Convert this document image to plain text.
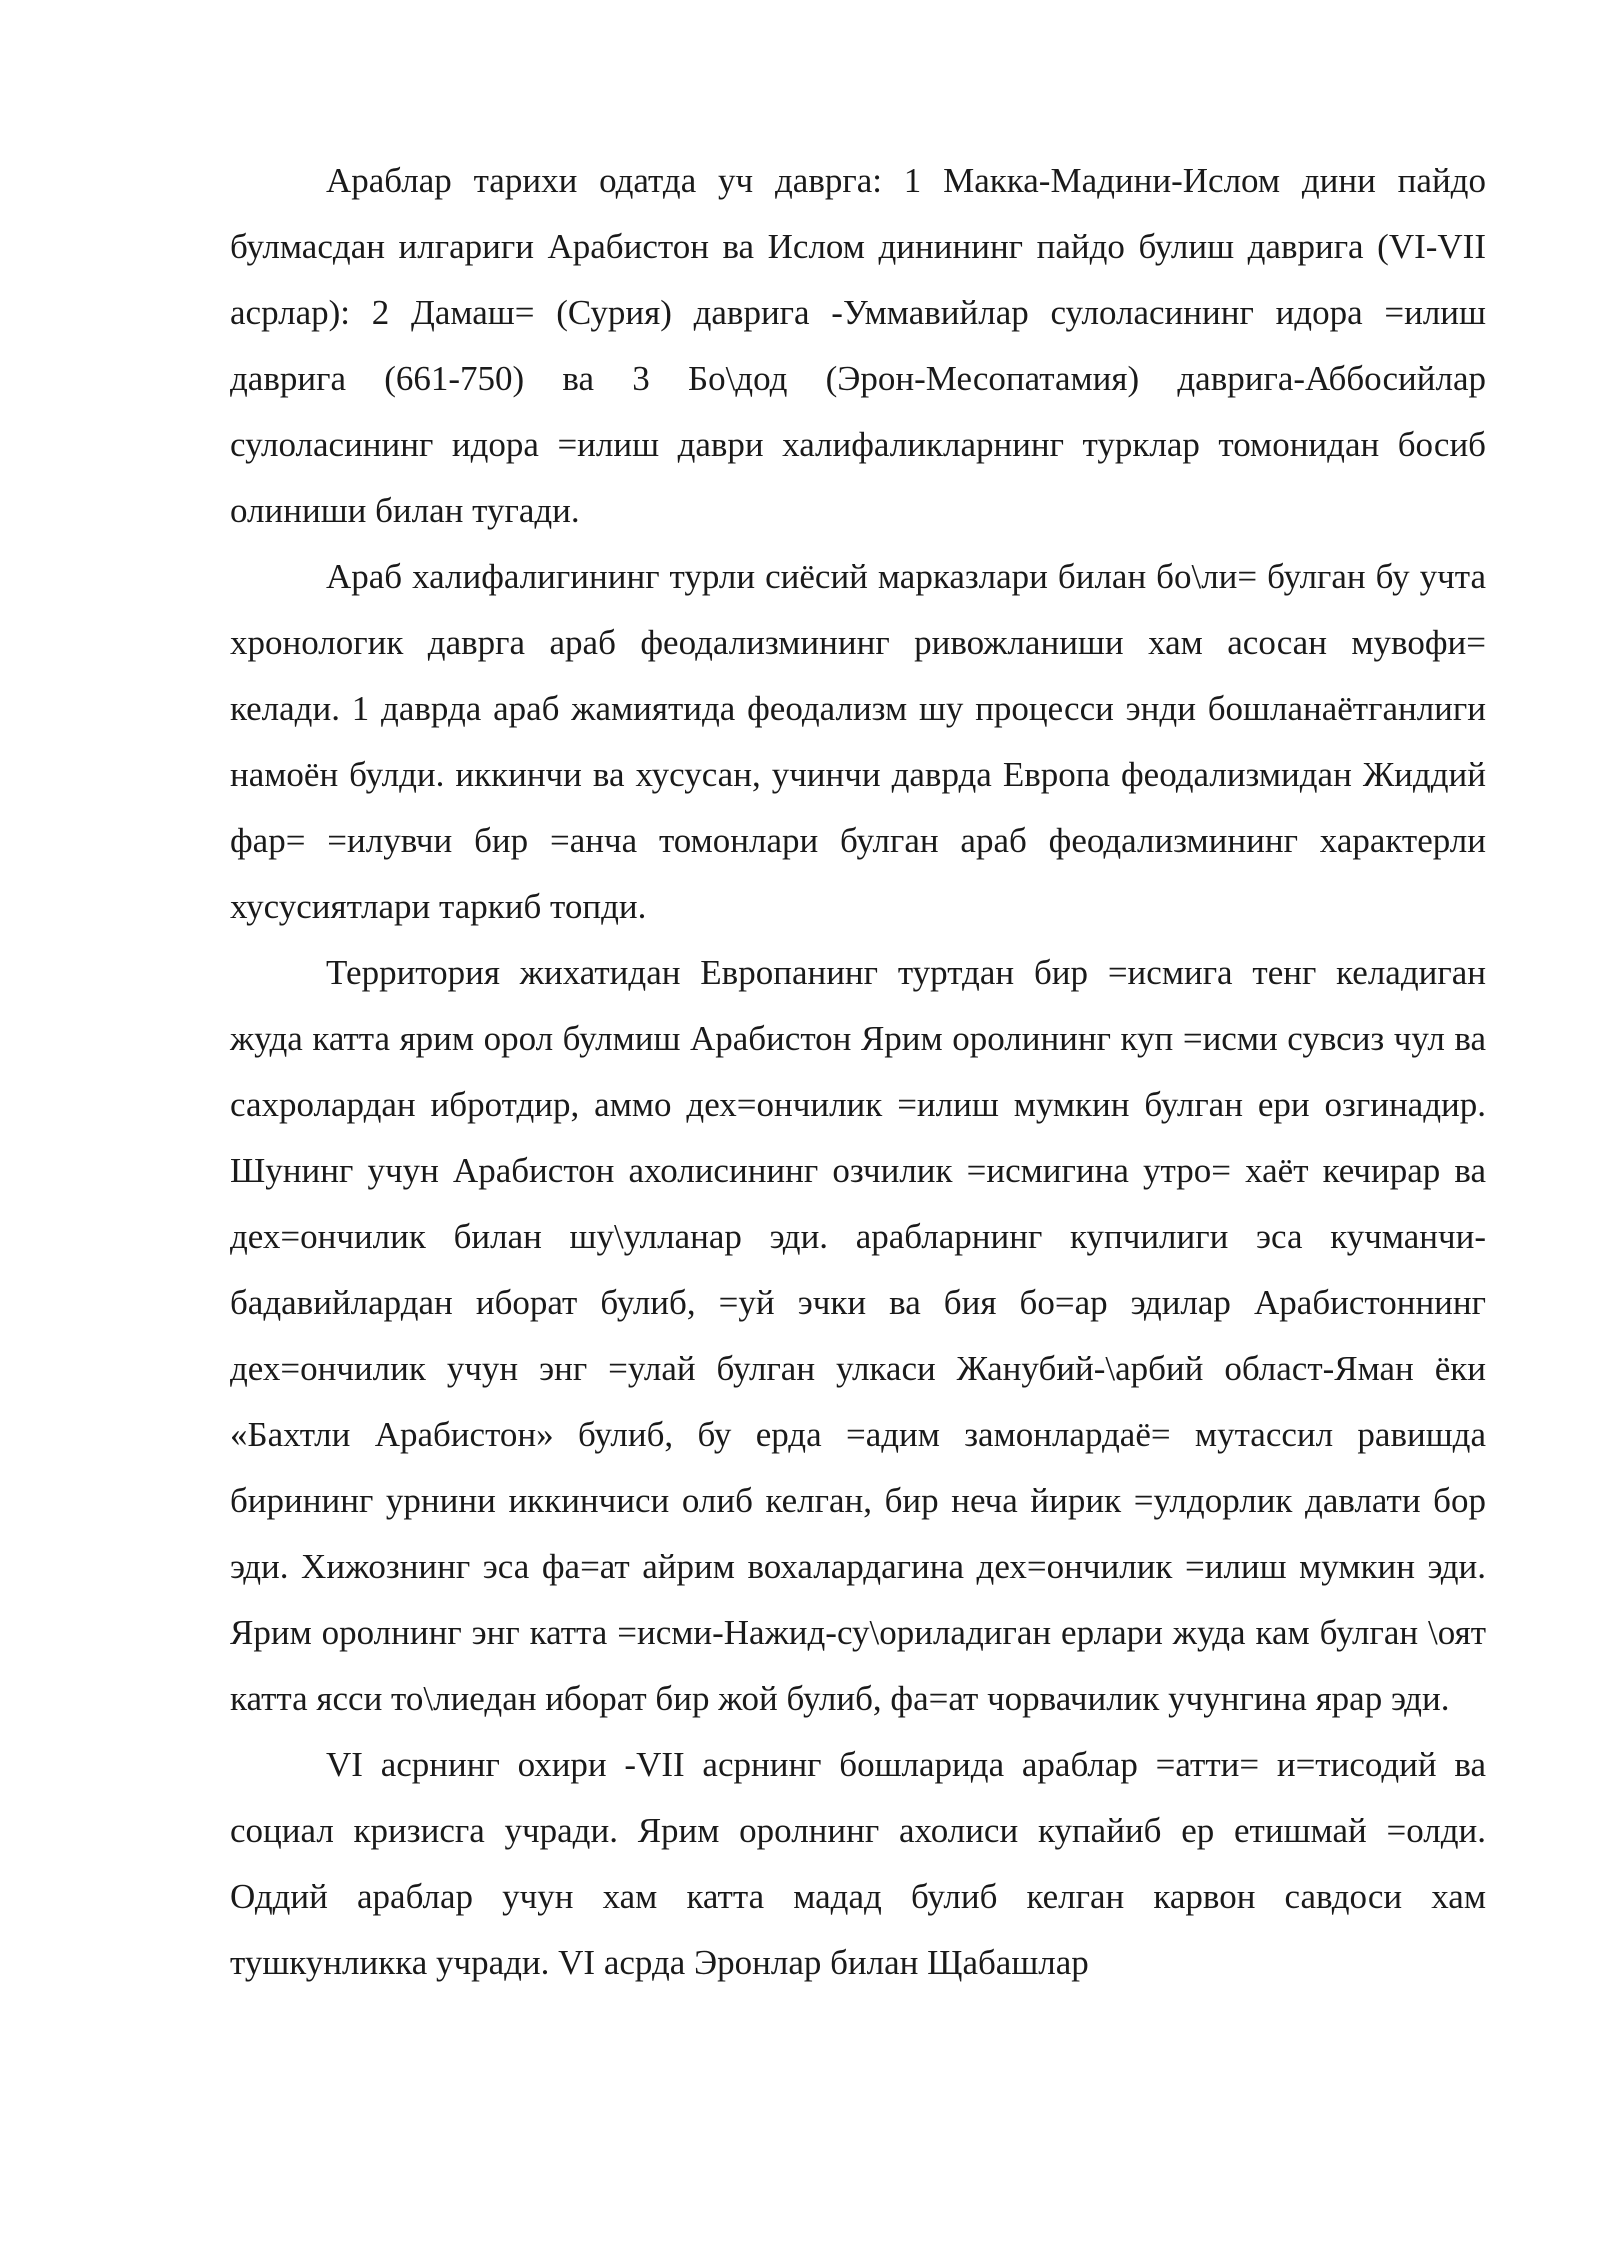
Араблар тарихи одатда уч даврга: 1 Макка-Мадини-Ислом дини пайдо булмасдан илгариги Арабистон ва Ислом динининг пайдо булиш даврига (VI-VII асрлар): 2 Дамаш= (Сурия) даврига -Уммавийлар сулоласининг идора =илиш даврига (661-750) ва 3 Бо\дод (Эрон-Месопатамия) даврига-Аббосийлар сулоласининг идора =илиш даври халифаликларнинг турклар томонидан босиб олиниши билан тугади.

Араб халифалигининг турли сиёсий марказлари билан бо\ли= булган бу учта хронологик даврга араб феодализмининг ривожланиши хам асосан мувофи= келади. 1 даврда араб жамиятида феодализм шу процесси энди бошланаётганлиги намоён булди. иккинчи ва хусусан, учинчи даврда Европа феодализмидан Жиддий фар= =илувчи бир =анча томонлари булган араб феодализмининг характерли хусусиятлари таркиб топди.

Территория жихатидан Европанинг туртдан бир =исмига тенг келадиган жуда катта ярим орол булмиш Арабистон Ярим оролининг куп =исми сувсиз чул ва сахролардан ибротдир, аммо дех=ончилик =илиш мумкин булган ери озгинадир. Шунинг учун Арабистон ахолисининг озчилик =исмигина утро= хаёт кечирар ва дех=ончилик билан шу\улланар эди. арабларнинг купчилиги эса кучманчи-бадавийлардан иборат булиб, =уй эчки ва бия бо=ар эдилар Арабистоннинг дех=ончилик учун энг =улай булган улкаси Жанубий-\арбий област-Яман ёки «Бахтли Арабистон» булиб, бу ерда =адим замонлардаё= мутассил равишда бирининг урнини иккинчиси олиб келган, бир неча йирик =улдорлик давлати бор эди. Хижознинг эса фа=ат айрим вохалардагина дех=ончилик =илиш мумкин эди. Ярим оролнинг энг катта =исми-Нажид-су\ориладиган ерлари жуда кам булган \оят катта ясси то\лиедан иборат бир жой булиб, фа=ат чорвачилик учунгина ярар эди.

VI асрнинг охири -VII асрнинг бошларида араблар =атти= и=тисодий ва социал кризисга учради. Ярим оролнинг ахолиси купайиб ер етишмай =олди. Оддий араблар учун хам катта мадад булиб келган карвон савдоси хам тушкунликка учради. VI асрда Эронлар билан Щабашлар
